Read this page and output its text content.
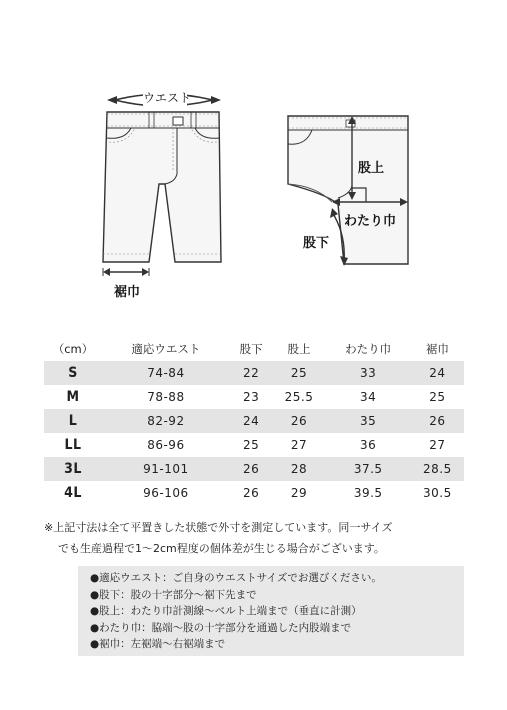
ウエスト
裾巾
股上
わたり巾
股下
（cm）	適応ウエスト	股下	股上	わたり巾	裾巾
S	74-84	22	25	33	24
M	78-88	23	25.5	34	25
L	82-92	24	26	35	26
LL	86-96	25	27	36	27
3L	91-101	26	28	37.5	28.5
4L	96-106	26	29	39.5	30.5
※上記寸法は全て平置きした状態で外寸を測定しています。同一サイズ
でも生産過程で1〜2cm程度の個体差が生じる場合がございます。
●適応ウエスト：ご自身のウエストサイズでお選びください。
●股下：股の十字部分〜裾下先まで
●股上：わたり巾計測線〜ベルト上端まで（垂直に計測）
●わたり巾：脇端〜股の十字部分を通過した内股端まで
●裾巾：左裾端〜右裾端まで
